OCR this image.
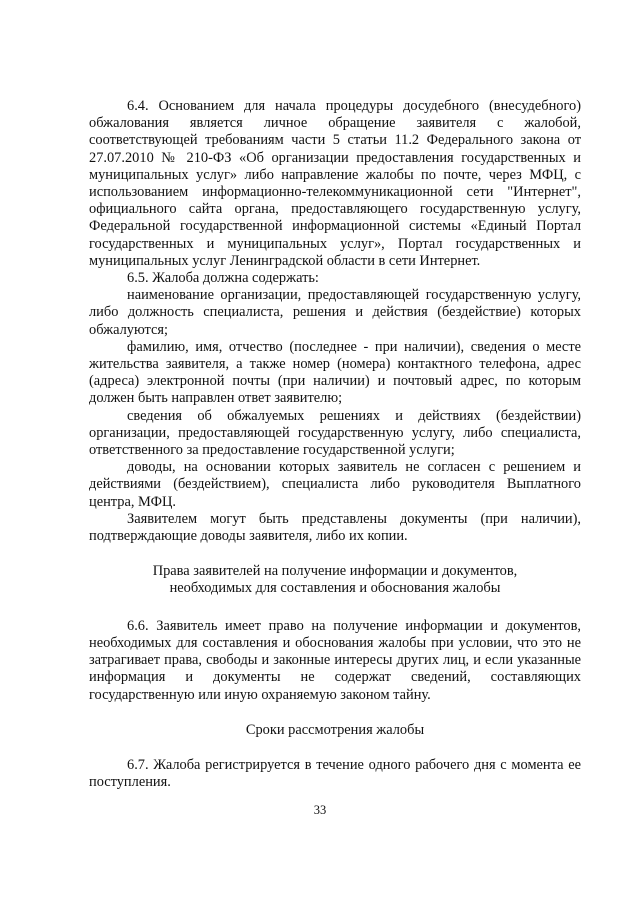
6.4. Основанием для начала процедуры досудебного (внесудебного) обжалования является личное обращение заявителя с жалобой, соответствующей требованиям части 5 статьи 11.2 Федерального закона от 27.07.2010 № 210-ФЗ «Об организации предоставления государственных и муниципальных услуг» либо направление жалобы по почте, через МФЦ, с использованием информационно-телекоммуникационной сети "Интернет", официального сайта органа, предоставляющего государственную услугу, Федеральной государственной информационной системы «Единый Портал государственных и муниципальных услуг», Портал государственных и муниципальных услуг Ленинградской области в сети Интернет.

6.5. Жалоба должна содержать:

наименование организации, предоставляющей государственную услугу, либо должность специалиста, решения и действия (бездействие) которых обжалуются;

фамилию, имя, отчество (последнее - при наличии), сведения о месте жительства заявителя, а также номер (номера) контактного телефона, адрес (адреса) электронной почты (при наличии) и почтовый адрес, по которым должен быть направлен ответ заявителю;

сведения об обжалуемых решениях и действиях (бездействии) организации, предоставляющей государственную услугу, либо специалиста, ответственного за предоставление государственной услуги;

доводы, на основании которых заявитель не согласен с решением и действиями (бездействием), специалиста либо руководителя Выплатного центра, МФЦ.

Заявителем могут быть представлены документы (при наличии), подтверждающие доводы заявителя, либо их копии.

Права заявителей на получение информации и документов,

необходимых для составления и обоснования жалобы

6.6. Заявитель имеет право на получение информации и документов, необходимых для составления и обоснования жалобы при условии, что это не затрагивает права, свободы и законные интересы других лиц, и если указанные информация и документы не содержат сведений, составляющих государственную или иную охраняемую законом тайну.

Сроки рассмотрения жалобы

6.7. Жалоба регистрируется в течение одного рабочего дня с момента ее поступления.

33
